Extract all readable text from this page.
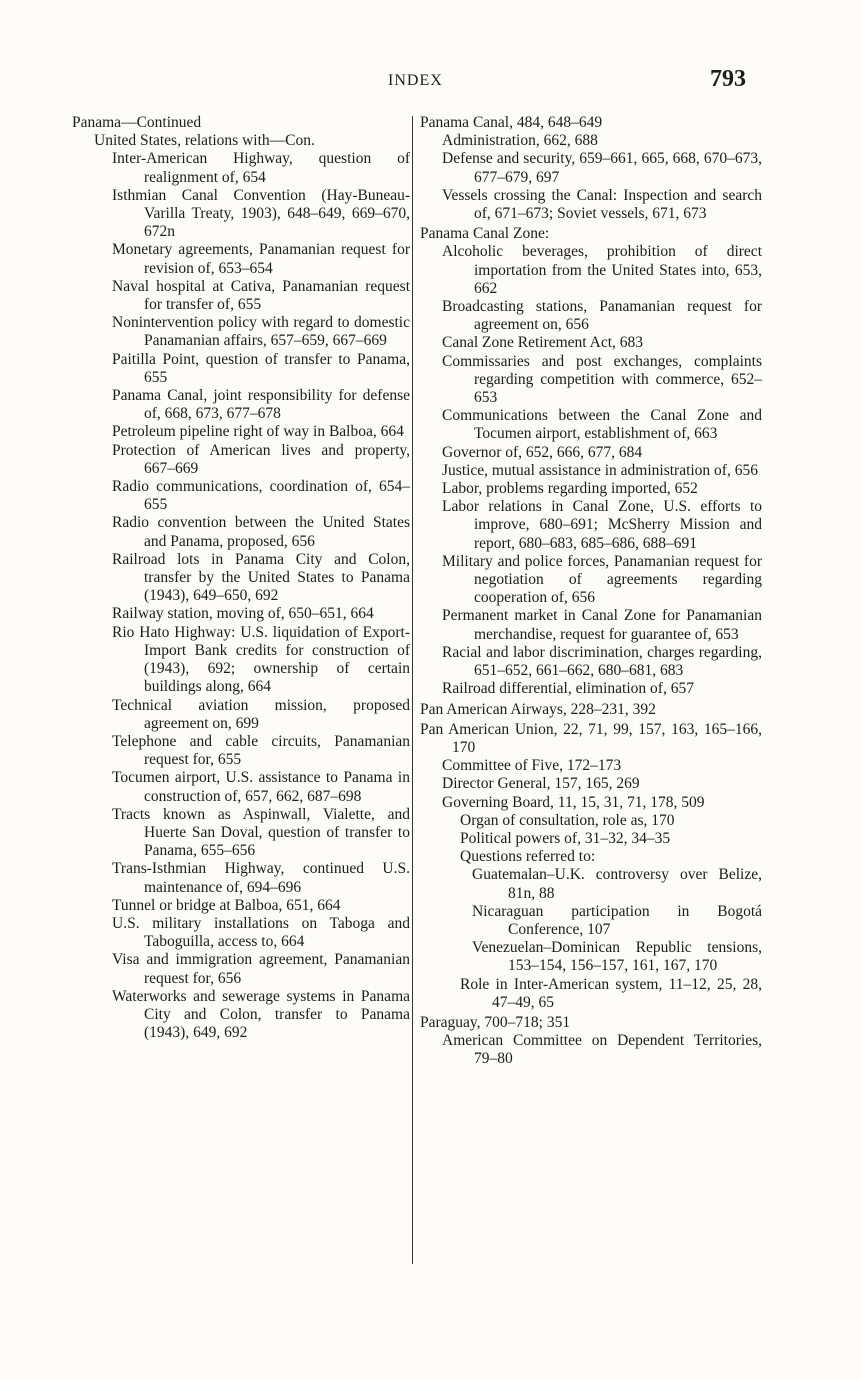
INDEX	793

Panama—Continued

United States, relations with—Con.

Inter-American Highway, question of realignment of, 654

Isthmian Canal Convention (Hay-Buneau-Varilla Treaty, 1903), 648–649, 669–670, 672n

Monetary agreements, Panamanian request for revision of, 653–654

Naval hospital at Cativa, Panamanian request for transfer of, 655

Nonintervention policy with regard to domestic Panamanian affairs, 657–659, 667–669

Paitilla Point, question of transfer to Panama, 655

Panama Canal, joint responsibility for defense of, 668, 673, 677–678

Petroleum pipeline right of way in Balboa, 664

Protection of American lives and property, 667–669

Radio communications, coordination of, 654–655

Radio convention between the United States and Panama, proposed, 656

Railroad lots in Panama City and Colon, transfer by the United States to Panama (1943), 649–650, 692

Railway station, moving of, 650–651, 664

Rio Hato Highway: U.S. liquidation of Export-Import Bank credits for construction of (1943), 692; ownership of certain buildings along, 664

Technical aviation mission, proposed agreement on, 699

Telephone and cable circuits, Panamanian request for, 655

Tocumen airport, U.S. assistance to Panama in construction of, 657, 662, 687–698

Tracts known as Aspinwall, Vialette, and Huerte San Doval, question of transfer to Panama, 655–656

Trans-Isthmian Highway, continued U.S. maintenance of, 694–696

Tunnel or bridge at Balboa, 651, 664

U.S. military installations on Taboga and Taboguilla, access to, 664

Visa and immigration agreement, Panamanian request for, 656

Waterworks and sewerage systems in Panama City and Colon, transfer to Panama (1943), 649, 692

Panama Canal, 484, 648–649

Administration, 662, 688

Defense and security, 659–661, 665, 668, 670–673, 677–679, 697

Vessels crossing the Canal: Inspection and search of, 671–673; Soviet vessels, 671, 673

Panama Canal Zone:

Alcoholic beverages, prohibition of direct importation from the United States into, 653, 662

Broadcasting stations, Panamanian request for agreement on, 656

Canal Zone Retirement Act, 683

Commissaries and post exchanges, complaints regarding competition with commerce, 652–653

Communications between the Canal Zone and Tocumen airport, establishment of, 663

Governor of, 652, 666, 677, 684

Justice, mutual assistance in administration of, 656

Labor, problems regarding imported, 652

Labor relations in Canal Zone, U.S. efforts to improve, 680–691; McSherry Mission and report, 680–683, 685–686, 688–691

Military and police forces, Panamanian request for negotiation of agreements regarding cooperation of, 656

Permanent market in Canal Zone for Panamanian merchandise, request for guarantee of, 653

Racial and labor discrimination, charges regarding, 651–652, 661–662, 680–681, 683

Railroad differential, elimination of, 657

Pan American Airways, 228–231, 392

Pan American Union, 22, 71, 99, 157, 163, 165–166, 170

Committee of Five, 172–173

Director General, 157, 165, 269

Governing Board, 11, 15, 31, 71, 178, 509

Organ of consultation, role as, 170

Political powers of, 31–32, 34–35

Questions referred to:

Guatemalan–U.K. controversy over Belize, 81n, 88

Nicaraguan participation in Bogotá Conference, 107

Venezuelan–Dominican Republic tensions, 153–154, 156–157, 161, 167, 170

Role in Inter-American system, 11–12, 25, 28, 47–49, 65

Paraguay, 700–718; 351

American Committee on Dependent Territories, 79–80
